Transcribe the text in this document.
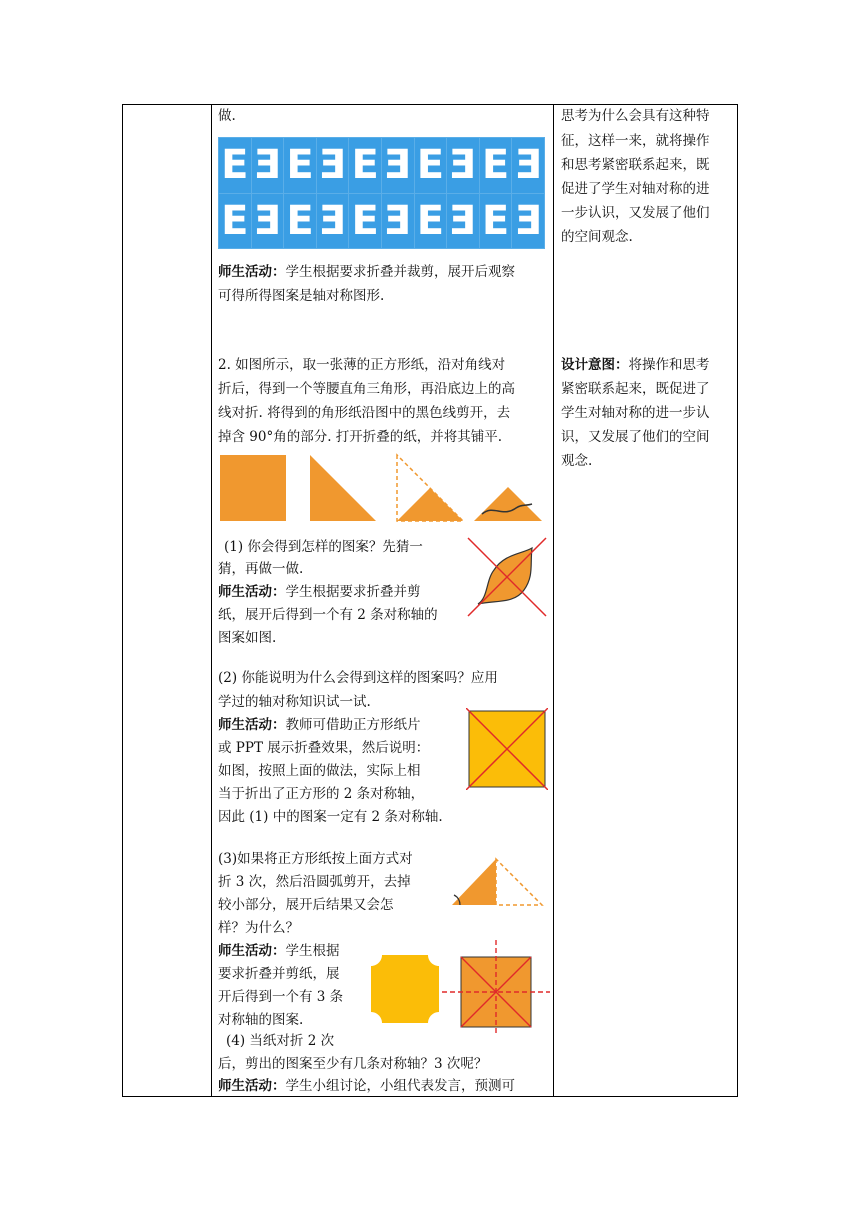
做.

E E E E E E E E E E
E E E E E E E E E E

师生活动：学生根据要求折叠并裁剪，展开后观察

可得所得图案是轴对称图形.

2. 如图所示，取一张薄的正方形纸，沿对角线对

折后，得到一个等腰直角三角形，再沿底边上的高

线对折. 将得到的角形纸沿图中的黑色线剪开，去

掉含 90°角的部分. 打开折叠的纸，并将其铺平.

(1) 你会得到怎样的图案？先猜一

猜，再做一做.

师生活动：学生根据要求折叠并剪

纸，展开后得到一个有 2 条对称轴的

图案如图.

(2) 你能说明为什么会得到这样的图案吗？应用

学过的轴对称知识试一试.

师生活动：教师可借助正方形纸片

或 PPT 展示折叠效果，然后说明：

如图，按照上面的做法，实际上相

当于折出了正方形的 2 条对称轴，

因此 (1) 中的图案一定有 2 条对称轴.

(3)如果将正方形纸按上面方式对

折 3 次，然后沿圆弧剪开，去掉

较小部分，展开后结果又会怎

样？为什么？

师生活动：学生根据

要求折叠并剪纸，展

开后得到一个有 3 条

对称轴的图案.

(4) 当纸对折 2 次

后，剪出的图案至少有几条对称轴？3 次呢？

师生活动：学生小组讨论，小组代表发言，预测可

思考为什么会具有这种特

征，这样一来，就将操作

和思考紧密联系起来，既

促进了学生对轴对称的进

一步认识，又发展了他们

的空间观念.

设计意图：将操作和思考

紧密联系起来，既促进了

学生对轴对称的进一步认

识，又发展了他们的空间

观念.
